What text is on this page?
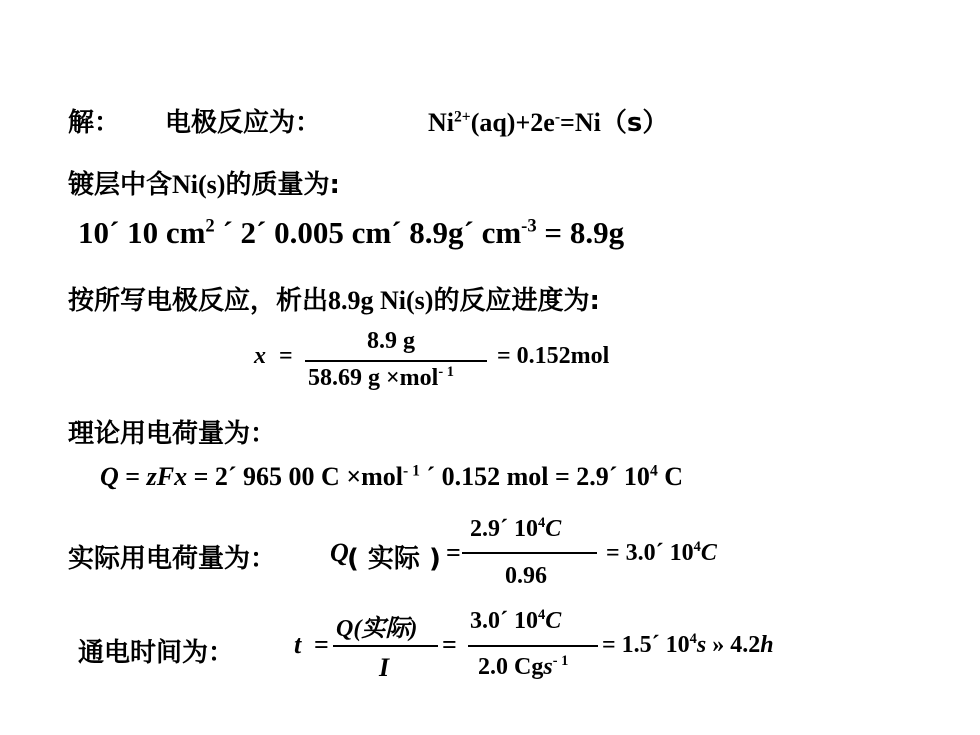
解： 电极反应为：	$Ni^{2+}(aq)+2e^-=Ni(s)$
镀层中含Ni(s)的质量为:
10´ 10 $cm^2$ ´ 2´ 0.005 cm´ 8.9g´ $cm^{-3} = 8.9g$
按所写电极反应，析出8.9g Ni(s)的反应进度为:
x =
8.9 g
58.69 g ×mol$^{- 1}$
= 0.152mol
理论用电荷量为：
Q = zFx = 2´ 965 00 C ×mol$^{- 1}$ ´ 0.152 mol = 2.9´ $10^4$ C
实际用电荷量为： Q
( 实际 ) =
2.9´ $10^4C$
0.96
= 3.0´ $10^4C$
通电时间为： t =
Q(实际)
I
=
3.0´ $10^4C$
2.0 Cgs$^{- 1}$
= 1.5´ $10^4s$ » 4.2h
